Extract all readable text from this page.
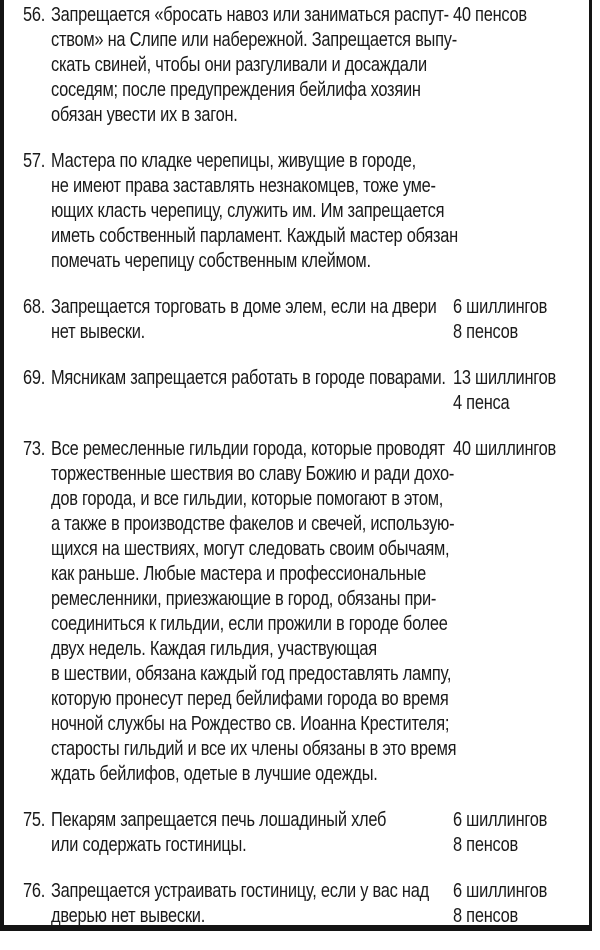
56. Запрещается «бросать навоз или заниматься распут-
ством» на Слипе или набережной. Запрещается выпу-
скать свиней, чтобы они разгуливали и досаждали
соседям; после предупреждения бейлифа хозяин
обязан увести их в загон.
40 пенсов
57. Мастера по кладке черепицы, живущие в городе,
не имеют права заставлять незнакомцев, тоже уме-
ющих класть черепицу, служить им. Им запрещается
иметь собственный парламент. Каждый мастер обязан
помечать черепицу собственным клеймом.
68. Запрещается торговать в доме элем, если на двери
нет вывески.
6 шиллингов
8 пенсов
69. Мясникам запрещается работать в городе поварами. 13 шиллингов
4 пенса
73. Все ремесленные гильдии города, которые проводят
торжественные шествия во славу Божию и ради дохо-
дов города, и все гильдии, которые помогают в этом,
а также в производстве факелов и свечей, использую-
щихся на шествиях, могут следовать своим обычаям,
как раньше. Любые мастера и профессиональные
ремесленники, приезжающие в город, обязаны при-
соединиться к гильдии, если прожили в городе более
двух недель. Каждая гильдия, участвующая
в шествии, обязана каждый год предоставлять лампу,
которую пронесут перед бейлифами города во время
ночной службы на Рождество св. Иоанна Крестителя;
старосты гильдий и все их члены обязаны в это время
ждать бейлифов, одетые в лучшие одежды.
40 шиллингов
75. Пекарям запрещается печь лошадиный хлеб
или содержать гостиницы.
6 шиллингов
8 пенсов
76. Запрещается устраивать гостиницу, если у вас над
дверью нет вывески.
6 шиллингов
8 пенсов
